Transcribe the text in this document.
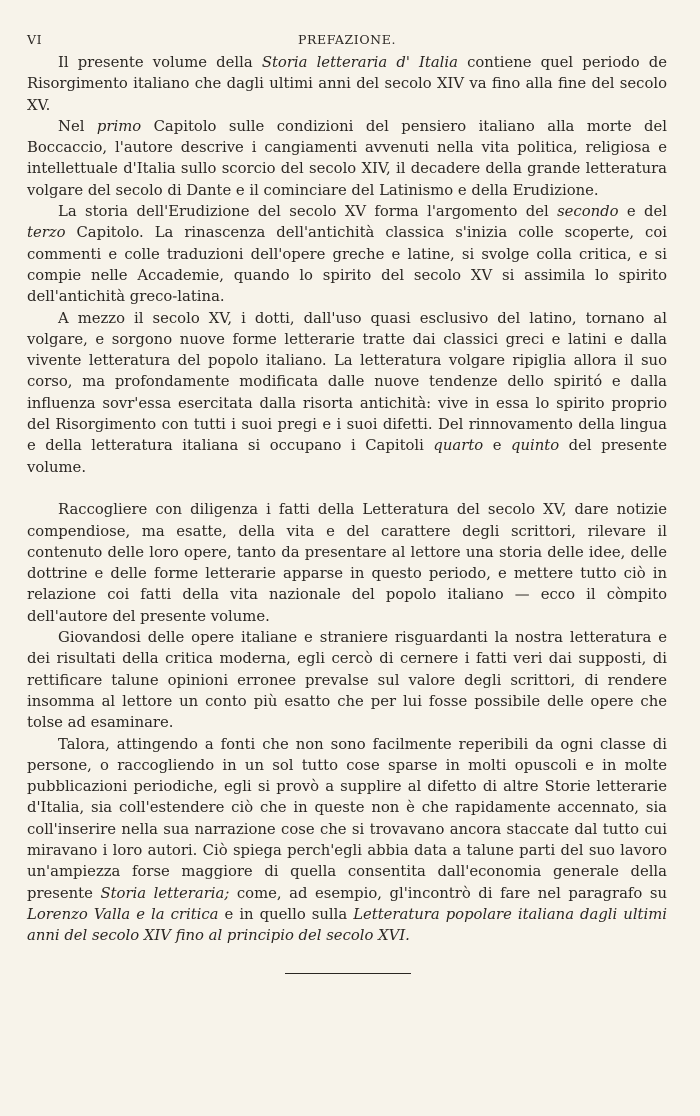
VI	PREFAZIONE.

Il presente volume della Storia letteraria d' Italia contiene quel periodo de Risorgimento italiano che dagli ultimi anni del secolo XIV va fino alla fine del secolo XV.

Nel primo Capitolo sulle condizioni del pensiero italiano alla morte del Boccaccio, l'autore descrive i cangiamenti avvenuti nella vita politica, religiosa e intellettuale d'Italia sullo scorcio del secolo XIV, il decadere della grande letteratura volgare del secolo di Dante e il cominciare del Latinismo e della Erudizione.

La storia dell'Erudizione del secolo XV forma l'argomento del secondo e del terzo Capitolo. La rinascenza dell'antichità classica s'inizia colle scoperte, coi commenti e colle traduzioni dell'opere greche e latine, si svolge colla critica, e si compie nelle Accademie, quando lo spirito del secolo XV si assimila lo spirito dell'antichità greco-latina.

A mezzo il secolo XV, i dotti, dall'uso quasi esclusivo del latino, tornano al volgare, e sorgono nuove forme letterarie tratte dai classici greci e latini e dalla vivente letteratura del popolo italiano. La letteratura volgare ripiglia allora il suo corso, ma profondamente modificata dalle nuove tendenze dello spiritó e dalla influenza sovr'essa esercitata dalla risorta antichità: vive in essa lo spirito proprio del Risorgimento con tutti i suoi pregi e i suoi difetti. Del rinnovamento della lingua e della letteratura italiana si occupano i Capitoli quarto e quinto del presente volume.

Raccogliere con diligenza i fatti della Letteratura del secolo XV, dare notizie compendiose, ma esatte, della vita e del carattere degli scrittori, rilevare il contenuto delle loro opere, tanto da presentare al lettore una storia delle idee, delle dottrine e delle forme letterarie apparse in questo periodo, e mettere tutto ciò in relazione coi fatti della vita nazionale del popolo italiano — ecco il còmpito dell'autore del presente volume.

Giovandosi delle opere italiane e straniere risguardanti la nostra letteratura e dei risultati della critica moderna, egli cercò di cernere i fatti veri dai supposti, di rettificare talune opinioni erronee prevalse sul valore degli scrittori, di rendere insomma al lettore un conto più esatto che per lui fosse possibile delle opere che tolse ad esaminare.

Talora, attingendo a fonti che non sono facilmente reperibili da ogni classe di persone, o raccogliendo in un sol tutto cose sparse in molti opuscoli e in molte pubblicazioni periodiche, egli si provò a supplire al difetto di altre Storie letterarie d'Italia, sia coll'estendere ciò che in queste non è che rapidamente accennato, sia coll'inserire nella sua narrazione cose che si trovavano ancora staccate dal tutto cui miravano i loro autori. Ciò spiega perch'egli abbia data a talune parti del suo lavoro un'ampiezza forse maggiore di quella consentita dall'economia generale della presente Storia letteraria; come, ad esempio, gl'incontrò di fare nel paragrafo su Lorenzo Valla e la critica e in quello sulla Letteratura popolare italiana dagli ultimi anni del secolo XIV fino al principio del secolo XVI.
